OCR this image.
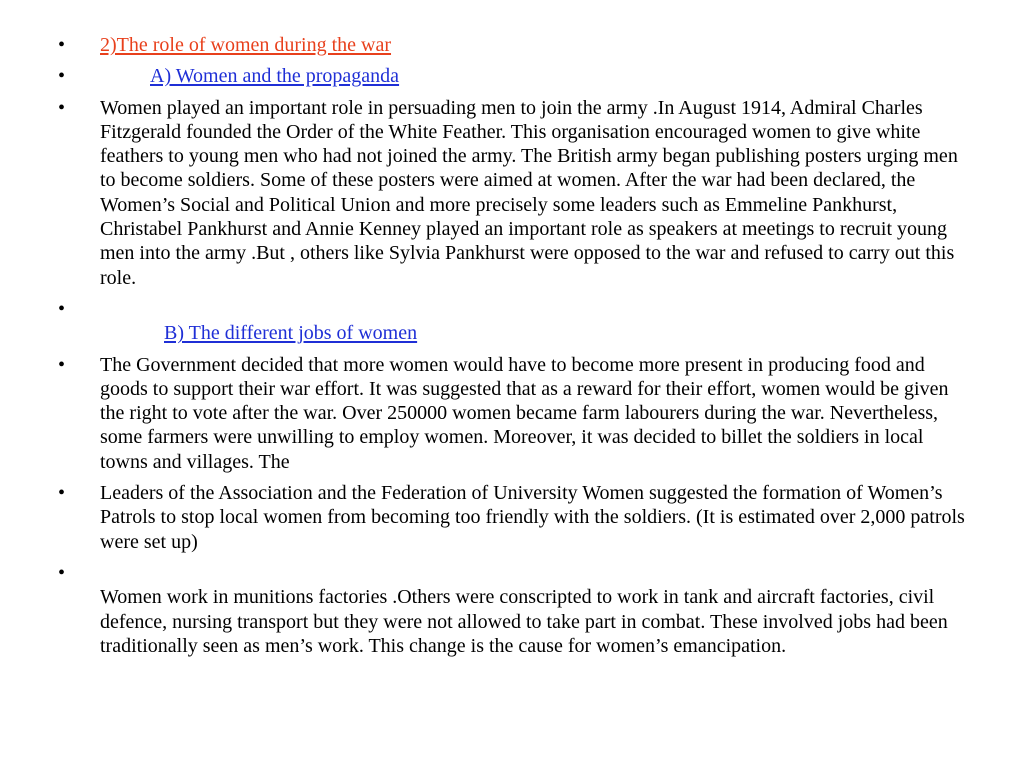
•	2)The role of women during the war
•	A) Women and the propaganda
•	Women played an important role in persuading men to join the army .In August 1914, Admiral Charles Fitzgerald founded the Order of the White Feather. This organisation encouraged women to give white feathers to young men who had not joined the army. The British army began publishing posters urging men to become soldiers. Some of these posters were aimed at women. After the war had been declared, the Women’s Social and Political Union and more precisely some leaders such as Emmeline Pankhurst, Christabel Pankhurst and Annie Kenney played an important role as speakers at meetings to recruit young men into the army .But , others like Sylvia Pankhurst were opposed to the war and refused to carry out this role.
•

B) The different jobs of women
•	The Government decided that more women would have to become more present in producing food and goods to support their war effort. It was suggested that as a reward for their effort, women would be given the right to vote after the war. Over 250000 women became farm labourers during the war. Nevertheless, some farmers were unwilling to employ women. Moreover, it was decided to billet the soldiers in local towns and villages. The
•	Leaders of the Association and the Federation of University Women suggested the formation of Women’s Patrols to stop local women from becoming too friendly with the soldiers. (It is estimated over 2,000 patrols were set up)
•

Women work in munitions factories .Others were conscripted to work in tank and aircraft factories, civil defence, nursing transport but they were not allowed to take part in combat. These involved jobs had been traditionally seen as men’s work. This change is the cause for women’s emancipation.
